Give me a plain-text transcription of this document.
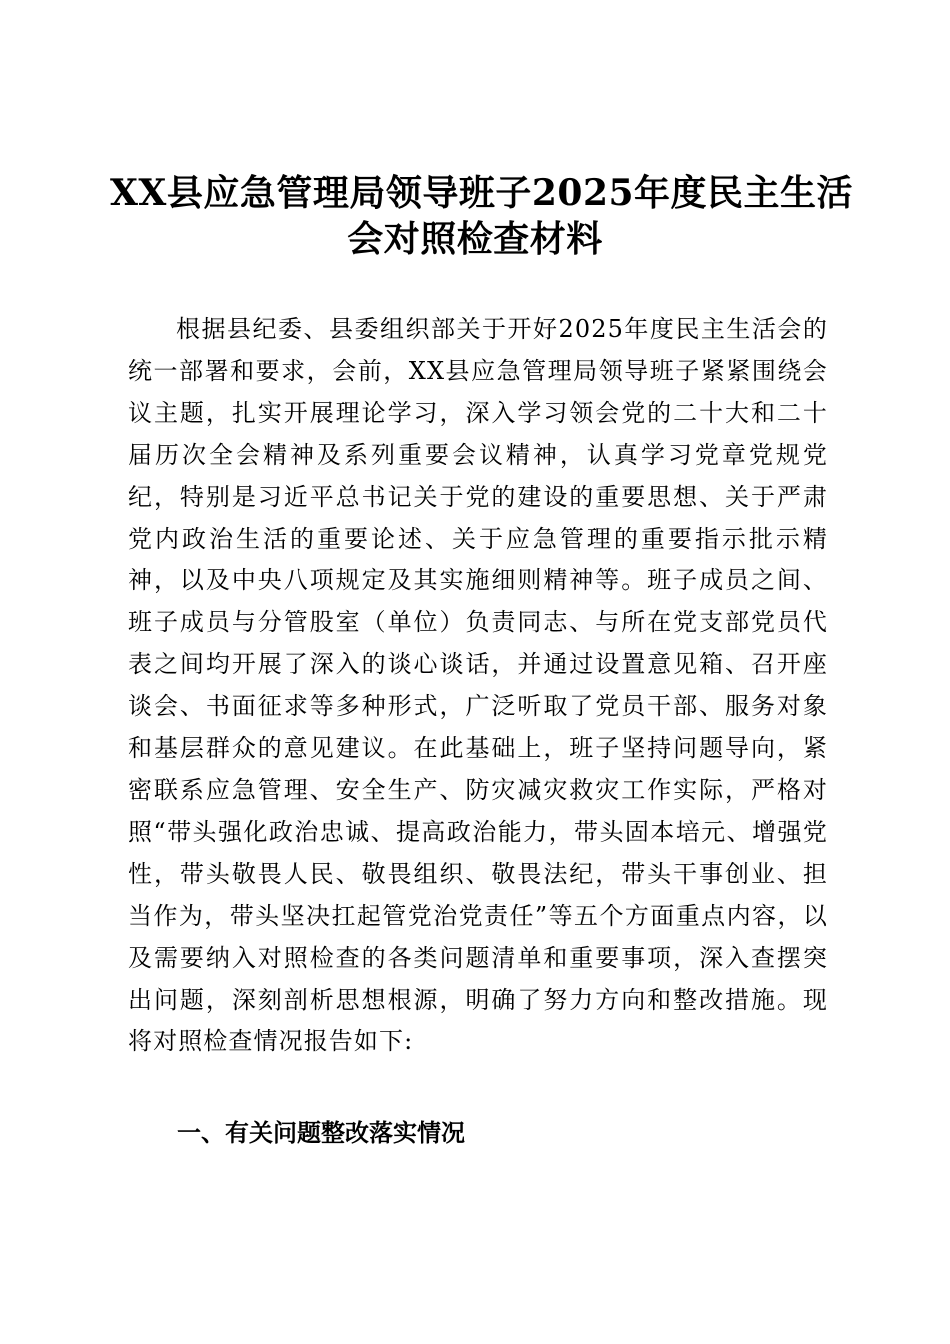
XX县应急管理局领导班子2025年度民主生活
会对照检查材料

根据县纪委、县委组织部关于开好2025年度民主生活会的统一部署和要求，会前，XX县应急管理局领导班子紧紧围绕会议主题，扎实开展理论学习，深入学习领会党的二十大和二十届历次全会精神及系列重要会议精神，认真学习党章党规党纪，特别是习近平总书记关于党的建设的重要思想、关于严肃党内政治生活的重要论述、关于应急管理的重要指示批示精神，以及中央八项规定及其实施细则精神等。班子成员之间、班子成员与分管股室（单位）负责同志、与所在党支部党员代表之间均开展了深入的谈心谈话，并通过设置意见箱、召开座谈会、书面征求等多种形式，广泛听取了党员干部、服务对象和基层群众的意见建议。在此基础上，班子坚持问题导向，紧密联系应急管理、安全生产、防灾减灾救灾工作实际，严格对照“带头强化政治忠诚、提高政治能力，带头固本培元、增强党性，带头敬畏人民、敬畏组织、敬畏法纪，带头干事创业、担当作为，带头坚决扛起管党治党责任”等五个方面重点内容，以及需要纳入对照检查的各类问题清单和重要事项，深入查摆突出问题，深刻剖析思想根源，明确了努力方向和整改措施。现将对照检查情况报告如下:

一、有关问题整改落实情况
